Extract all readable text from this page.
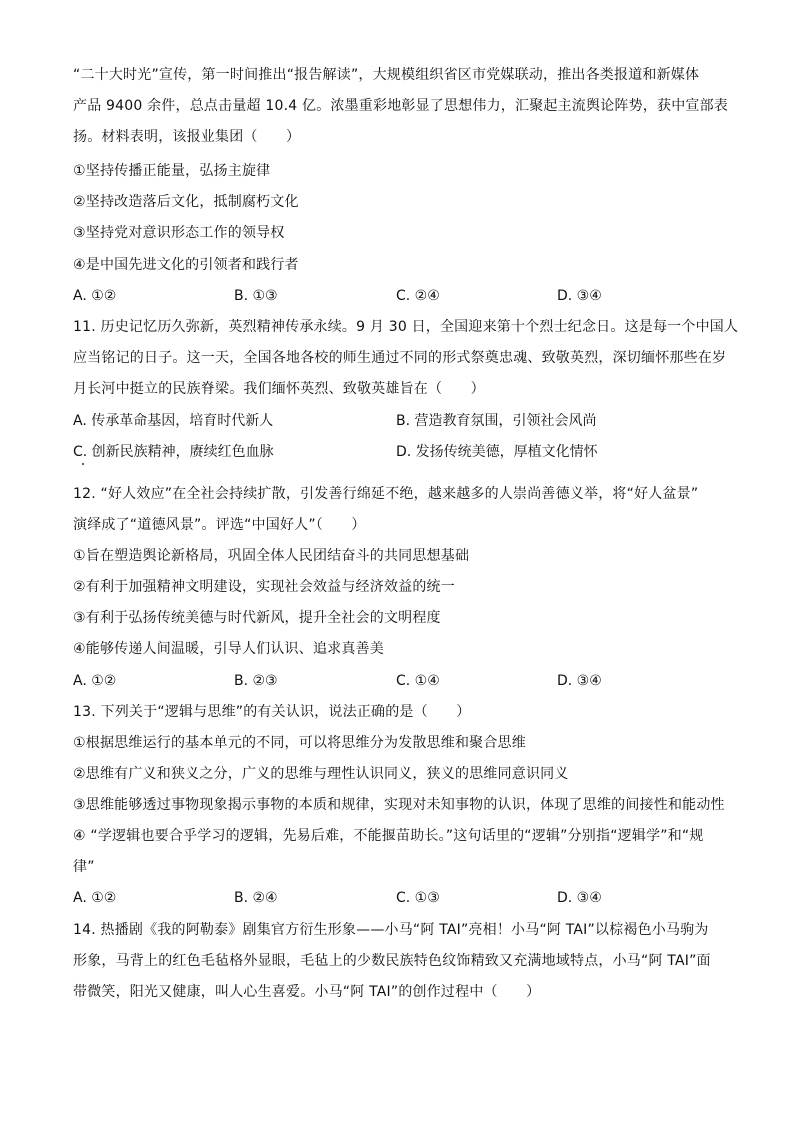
“二十大时光”宣传，第一时间推出“报告解读”，大规模组织省区市党媒联动，推出各类报道和新媒体
产品 9400 余件，总点击量超 10.4 亿。浓墨重彩地彰显了思想伟力，汇聚起主流舆论阵势，获中宣部表
扬。材料表明，该报业集团（　　）
①坚持传播正能量，弘扬主旋律
②坚持改造落后文化，抵制腐朽文化
③坚持党对意识形态工作的领导权
④是中国先进文化的引领者和践行者
A. ①②	B. ①③	C. ②④	D. ③④
11. 历史记忆历久弥新，英烈精神传承永续。9 月 30 日，全国迎来第十个烈士纪念日。这是每一个中国人
应当铭记的日子。这一天，全国各地各校的师生通过不同的形式祭奠忠魂、致敬英烈，深切缅怀那些在岁
月长河中挺立的民族脊梁。我们缅怀英烈、致敬英雄旨在（　　）
A. 传承革命基因，培育时代新人	B. 营造教育氛围，引领社会风尚
C. 创新民族精神，赓续红色血脉	D. 发扬传统美德，厚植文化情怀
12. “好人效应”在全社会持续扩散，引发善行绵延不绝，越来越多的人崇尚善德义举，将“好人盆景”
演绎成了“道德风景”。评选“中国好人”（　　）
①旨在塑造舆论新格局，巩固全体人民团结奋斗的共同思想基础
②有利于加强精神文明建设，实现社会效益与经济效益的统一
③有利于弘扬传统美德与时代新风，提升全社会的文明程度
④能够传递人间温暖，引导人们认识、追求真善美
A. ①②	B. ②③	C. ①④	D. ③④
13. 下列关于“逻辑与思维”的有关认识，说法正确的是（　　）
①根据思维运行的基本单元的不同，可以将思维分为发散思维和聚合思维
②思维有广义和狭义之分，广义的思维与理性认识同义，狭义的思维同意识同义
③思维能够透过事物现象揭示事物的本质和规律，实现对未知事物的认识，体现了思维的间接性和能动性
④ “学逻辑也要合乎学习的逻辑，先易后难，不能揠苗助长。”这句话里的“逻辑”分别指“逻辑学”和“规
律”
A. ①②	B. ②④	C. ①③	D. ③④
14. 热播剧《我的阿勒泰》剧集官方衍生形象——小马“阿 TAI”亮相！小马“阿 TAI”以棕褐色小马驹为
形象，马背上的红色毛毡格外显眼，毛毡上的少数民族特色纹饰精致又充满地域特点，小马“阿 TAI”面
带微笑，阳光又健康，叫人心生喜爱。小马“阿 TAI”的创作过程中（　　）
